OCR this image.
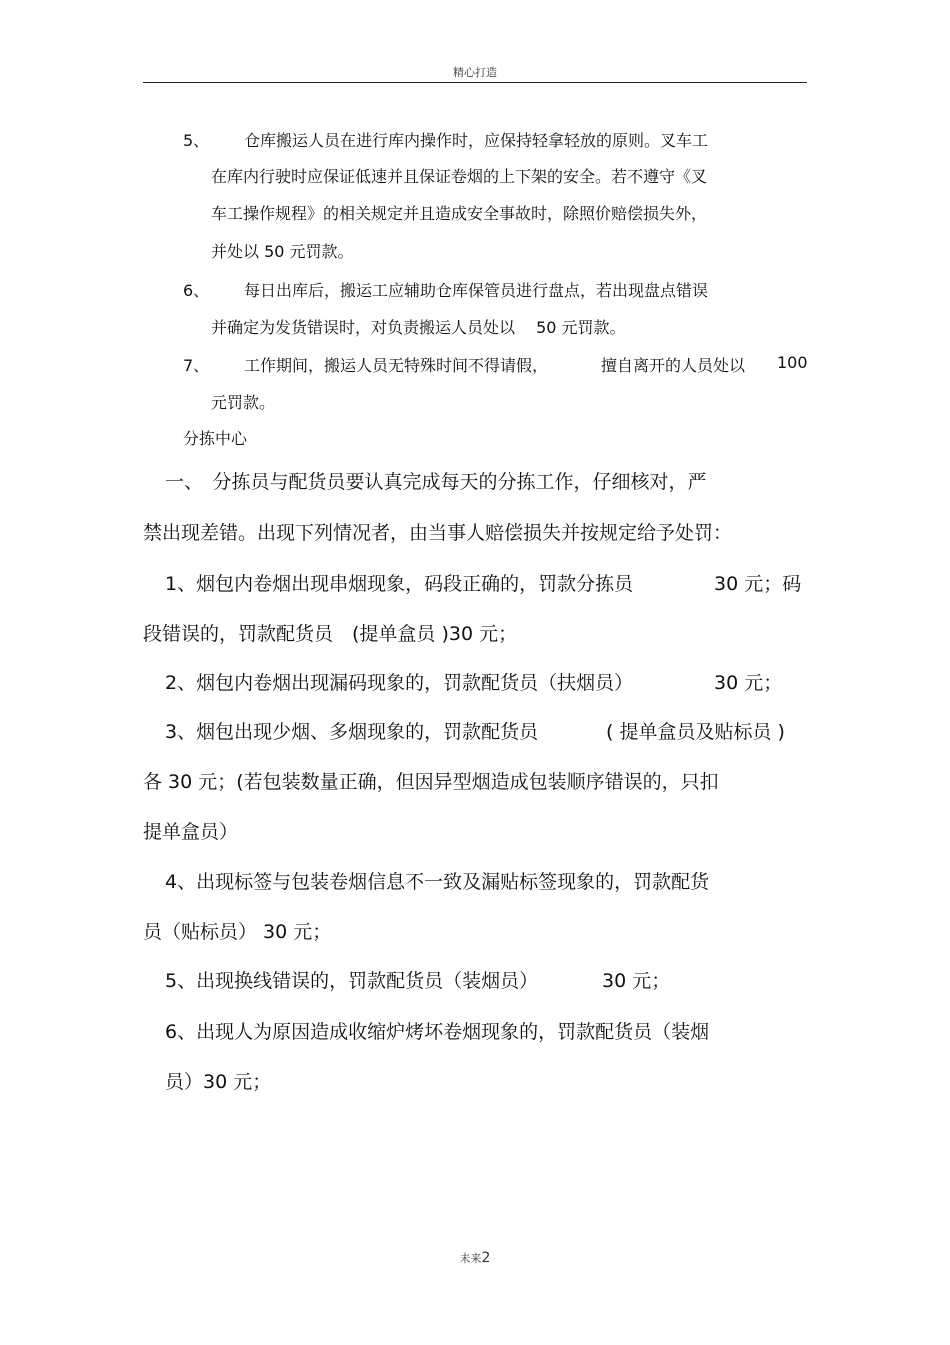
精心打造
5、 仓库搬运人员在进行库内操作时，应保持轻拿轻放的原则。叉车工
在库内行驶时应保证低速并且保证卷烟的上下架的安全。若不遵守《叉
车工操作规程》的相关规定并且造成安全事故时，除照价赔偿损失外，
并处以 50 元罚款。
6、 每日出库后，搬运工应辅助仓库保管员进行盘点，若出现盘点错误
并确定为发货错误时，对负责搬运人员处以　 50 元罚款。
7、 工作期间，搬运人员无特殊时间不得请假，	擅自离开的人员处以 100
元罚款。
分拣中心
一、　分拣员与配货员要认真完成每天的分拣工作，仔细核对，严
禁出现差错。出现下列情况者，由当事人赔偿损失并按规定给予处罚：
1、烟包内卷烟出现串烟现象，码段正确的，罚款分拣员	30 元；码
段错误的，罚款配货员　(提单盒员 )30 元；
2、烟包内卷烟出现漏码现象的，罚款配货员（扶烟员）	30 元；
3、烟包出现少烟、多烟现象的，罚款配货员	( 提单盒员及贴标员 )
各 30 元；(若包装数量正确，但因异型烟造成包装顺序错误的，只扣
提单盒员）
4、出现标签与包装卷烟信息不一致及漏贴标签现象的，罚款配货
员（贴标员） 30 元；
5、出现换线错误的，罚款配货员（装烟员）	30 元；
6、出现人为原因造成收缩炉烤坏卷烟现象的，罚款配货员（装烟
员）30 元；
未来2
